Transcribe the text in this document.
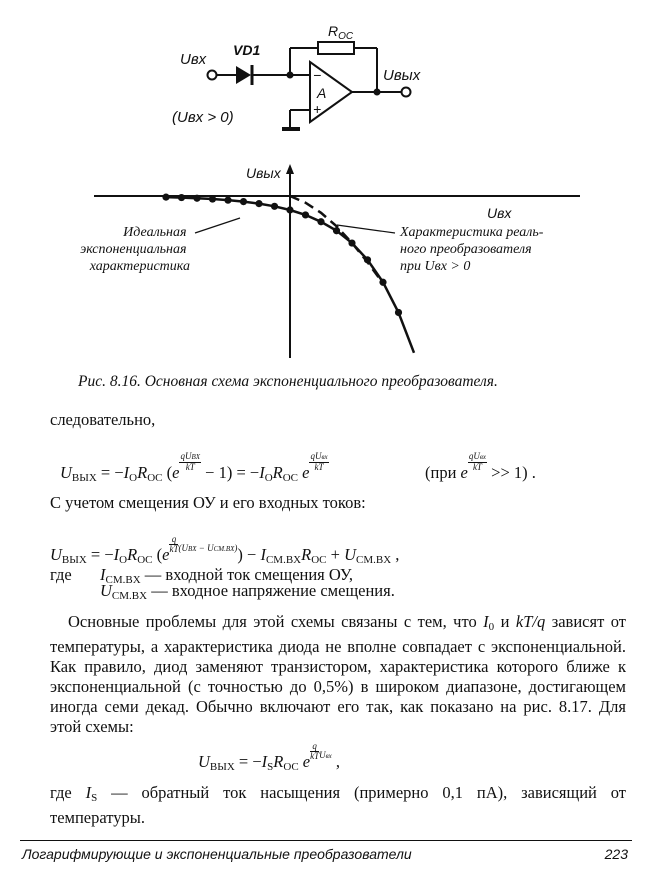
Uвх
VD1
$R_{OC}$
−
A
+
Uвых
(Uвх > 0)
Uвых
Uвх
Идеальная экспоненциальная характеристика
Характеристика реаль- ного преобразователя при Uвх > 0
Рис. 8.16. Основная схема экспоненциального преобразователя.
следовательно,
$U_{ВЫХ} = -I_OR_{OC}$ (e
$\frac{\text{qUBX}}{kT}$
− $1) = -I_OR_{OC}$ e
$\frac{\text{qUвх}}{kT}$
(при e
$\frac{\text{qUвх}}{kT}$
>> 1) .
С учетом смещения ОУ и его входных токов:
$U_{ВЫХ} = -I_OR_{OC}$ (e
$\frac{q}{kT} ^{(UBX - UCM.BX)}) - I_{CM.BX}R_{OC} + U_{CM.BX}$ ,
где $I_{CM.BX}$ — входной ток смещения ОУ,
$U_{CM.BX}$ — входное напряжение смещения.
Основные проблемы для этой схемы связаны с тем, что $I_0$ и kT/q зависят от температуры, а характеристика диода не вполне совпадает с экспоненциальной. Как правило, диод заменяют транзистором, характеристика которого ближе к экспоненциальной (с точностью до 0,5%) в широком диапазоне, достигающем иногда семи декад. Обычно включают его так, как показано на рис. 8.17. Для этой схемы:
$U_{ВЫХ} = -I_SR_{OC}$ e
$\frac{q}{kT} ^{Uвх}$ ,
где $I_S$ — обратный ток насыщения (примерно 0,1 пА), зависящий от температуры.
Логарифмирующие и экспоненциальные преобразователи	223
